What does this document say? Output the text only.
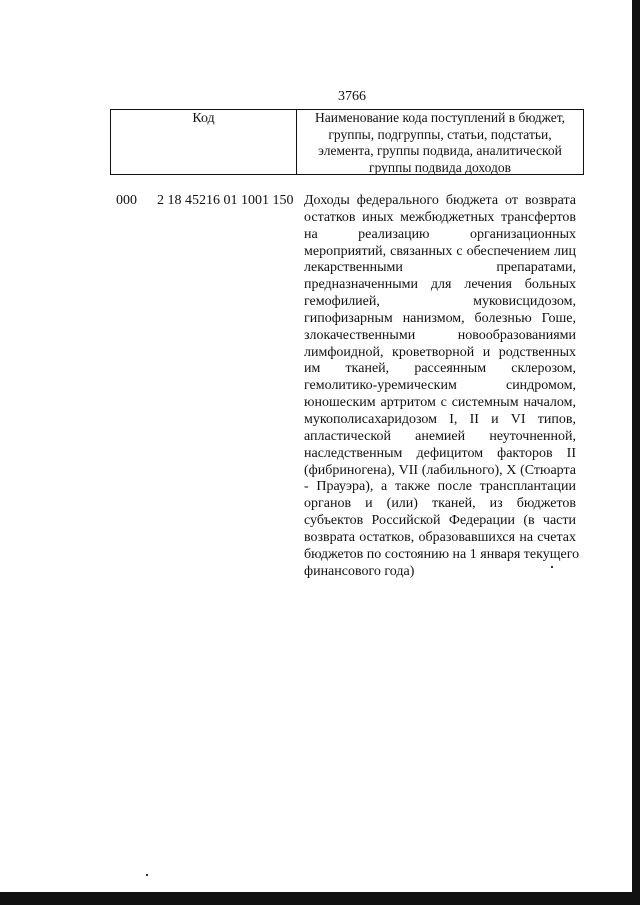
3766
Код	Наименование кода поступлений в бюджет, группы, подгруппы, статьи, подстатьи, элемента, группы подвида, аналитической группы подвида доходов
000 2 18 45216 01 1001 150 Доходы федерального бюджета от возврата
остатков иных межбюджетных трансфертов
на реализацию организационных
мероприятий, связанных с обеспечением лиц
лекарственными препаратами,
предназначенными для лечения больных
гемофилией, муковисцидозом,
гипофизарным нанизмом, болезнью Гоше,
злокачественными новообразованиями
лимфоидной, кроветворной и родственных
им тканей, рассеянным склерозом,
гемолитико-уремическим синдромом,
юношеским артритом с системным началом,
мукополисахаридозом I, II и VI типов,
апластической анемией неуточненной,
наследственным дефицитом факторов II
(фибриногена), VII (лабильного), X (Стюарта
- Прауэра), а также после трансплантации
органов и (или) тканей, из бюджетов
субъектов Российской Федерации (в части
возврата остатков, образовавшихся на счетах
бюджетов по состоянию на 1 января текущего
финансового года)
